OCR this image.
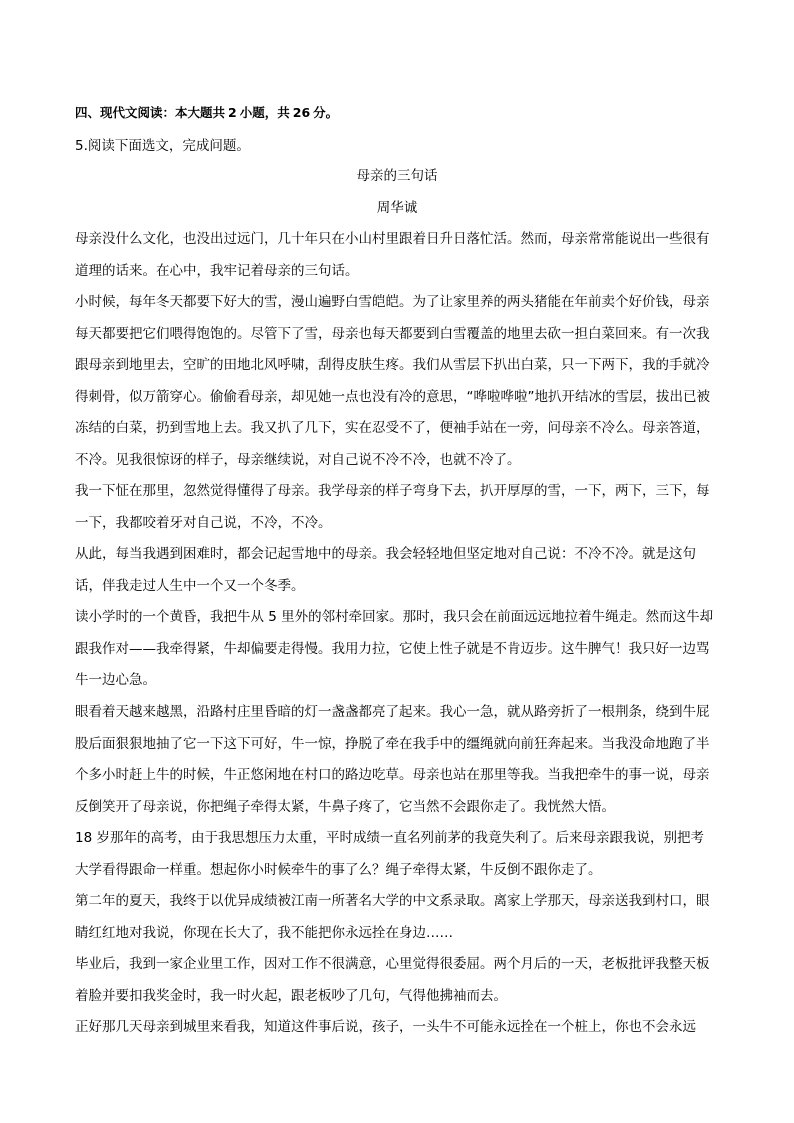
四、现代文阅读：本大题共 2 小题，共 26 分。
5.阅读下面选文，完成问题。
母亲的三句话
周华诚

母亲没什么文化，也没出过远门，几十年只在小山村里跟着日升日落忙活。然而，母亲常常能说出一些很有道理的话来。在心中，我牢记着母亲的三句话。

小时候，每年冬天都要下好大的雪，漫山遍野白雪皑皑。为了让家里养的两头猪能在年前卖个好价钱，母亲每天都要把它们喂得饱饱的。尽管下了雪，母亲也每天都要到白雪覆盖的地里去砍一担白菜回来。有一次我跟母亲到地里去，空旷的田地北风呼啸，刮得皮肤生疼。我们从雪层下扒出白菜，只一下两下，我的手就冷得刺骨，似万箭穿心。偷偷看母亲，却见她一点也没有冷的意思，“哗啦哗啦”地扒开结冰的雪层，拔出已被冻结的白菜，扔到雪地上去。我又扒了几下，实在忍受不了，便袖手站在一旁，问母亲不冷么。母亲答道，不冷。见我很惊讶的样子，母亲继续说，对自己说不冷不冷，也就不冷了。

我一下怔在那里，忽然觉得懂得了母亲。我学母亲的样子弯身下去，扒开厚厚的雪，一下，两下，三下，每一下，我都咬着牙对自己说，不冷，不冷。

从此，每当我遇到困难时，都会记起雪地中的母亲。我会轻轻地但坚定地对自己说：不冷不冷。就是这句话，伴我走过人生中一个又一个冬季。

读小学时的一个黄昏，我把牛从 5 里外的邻村牵回家。那时，我只会在前面远远地拉着牛绳走。然而这牛却跟我作对——我牵得紧，牛却偏要走得慢。我用力拉，它使上性子就是不肯迈步。这牛脾气！我只好一边骂牛一边心急。

眼看着天越来越黑，沿路村庄里昏暗的灯一盏盏都亮了起来。我心一急，就从路旁折了一根荆条，绕到牛屁股后面狠狠地抽了它一下这下可好，牛一惊，挣脱了牵在我手中的缰绳就向前狂奔起来。当我没命地跑了半个多小时赶上牛的时候，牛正悠闲地在村口的路边吃草。母亲也站在那里等我。当我把牵牛的事一说，母亲反倒笑开了母亲说，你把绳子牵得太紧，牛鼻子疼了，它当然不会跟你走了。我恍然大悟。

18 岁那年的高考，由于我思想压力太重，平时成绩一直名列前茅的我竟失利了。后来母亲跟我说，别把考大学看得跟命一样重。想起你小时候牵牛的事了么？绳子牵得太紧，牛反倒不跟你走了。

第二年的夏天，我终于以优异成绩被江南一所著名大学的中文系录取。离家上学那天，母亲送我到村口，眼睛红红地对我说，你现在长大了，我不能把你永远拴在身边……

毕业后，我到一家企业里工作，因对工作不很满意，心里觉得很委屈。两个月后的一天，老板批评我整天板着脸并要扣我奖金时，我一时火起，跟老板吵了几句，气得他拂袖而去。

正好那几天母亲到城里来看我，知道这件事后说，孩子，一头牛不可能永远拴在一个桩上，你也不会永远
